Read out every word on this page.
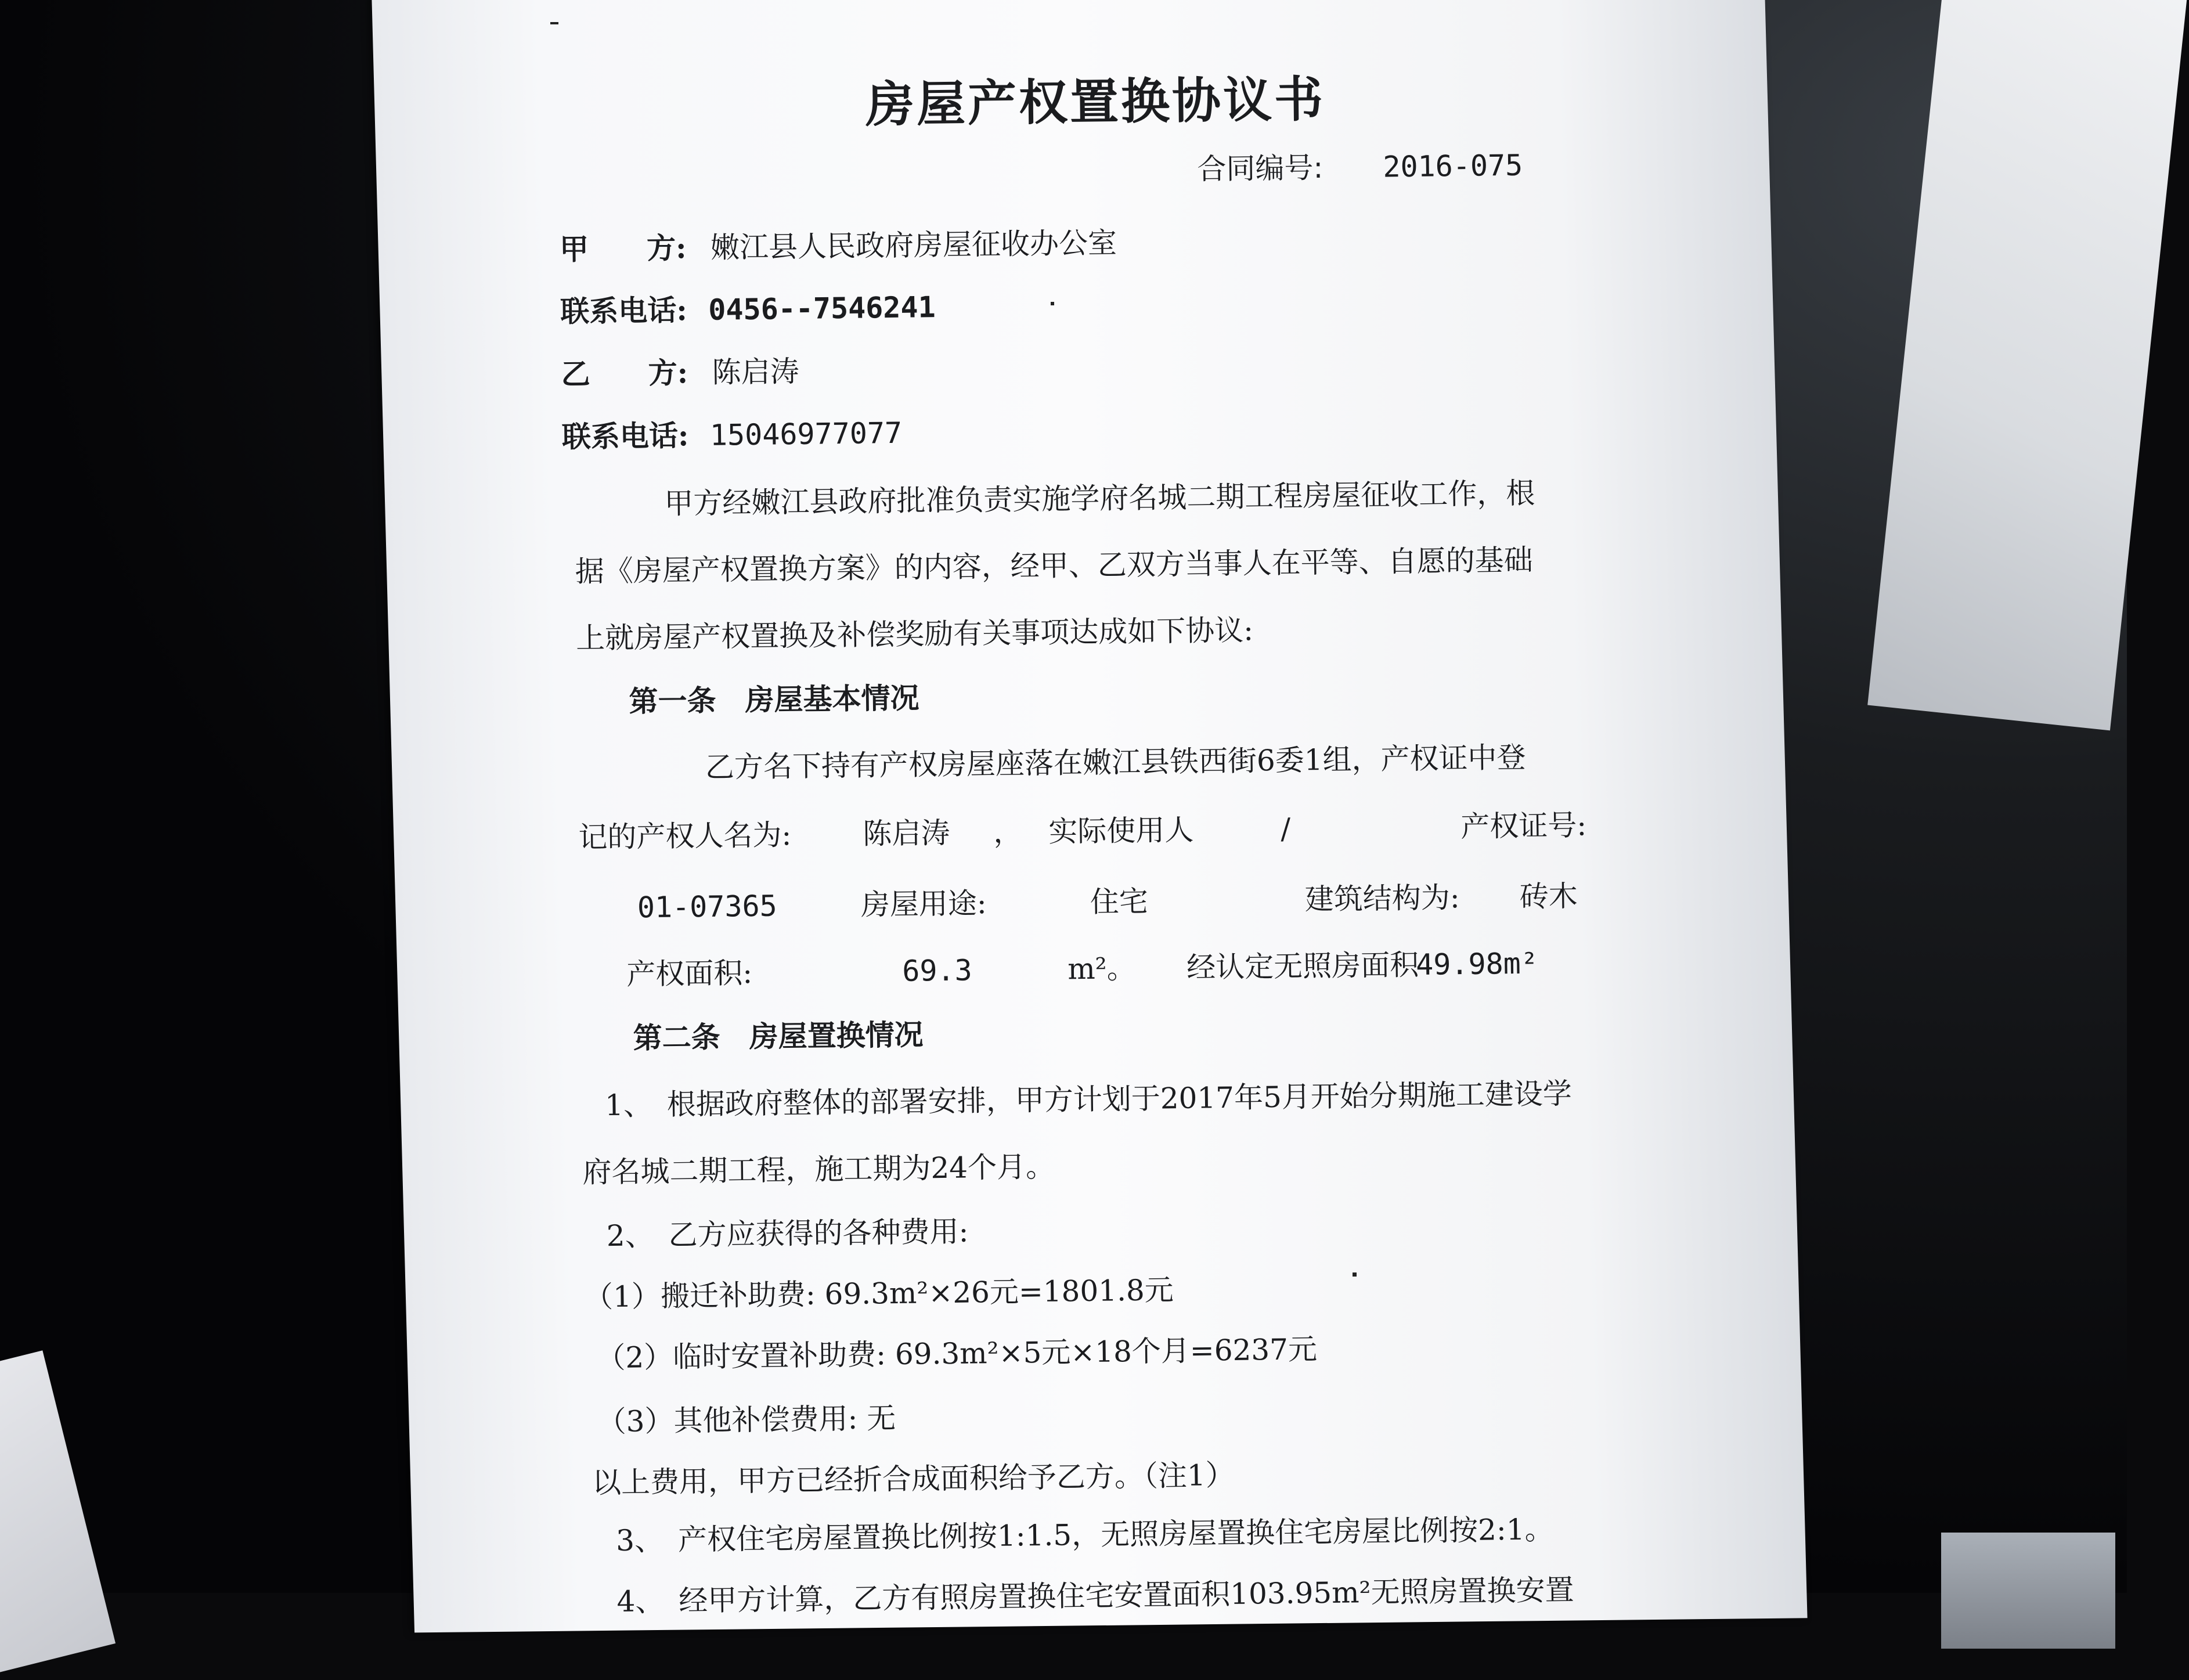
房屋产权置换协议书
合同编号: 2016-075
甲　　方: 嫩江县人民政府房屋征收办公室
联系电话: 0456--7546241
乙　　方: 陈启涛
联系电话: 15046977077
甲方经嫩江县政府批准负责实施学府名城二期工程房屋征收工作，根
据《房屋产权置换方案》的内容，经甲、乙双方当事人在平等、自愿的基础
上就房屋产权置换及补偿奖励有关事项达成如下协议:
第一条　房屋基本情况
乙方名下持有产权房屋座落在嫩江县铁西街6委1组，产权证中登
记的产权人名为: 陈启涛 ， 实际使用人	/	产权证号:
01-07365	房屋用途:	住宅	建筑结构为: 砖木
产权面积:	69.3	m²。 经认定无照房面积
49.98m²
第二条　房屋置换情况
1、　根据政府整体的部署安排，甲方计划于2017年5月开始分期施工建设学
府名城二期工程，施工期为24个月。
2、　乙方应获得的各种费用:
（1）搬迁补助费: 69.3m²×26元=1801.8元
（2）临时安置补助费: 69.3m²×5元×18个月=6237元
（3）其他补偿费用: 无
以上费用，甲方已经折合成面积给予乙方。（注1）
3、　产权住宅房屋置换比例按1:1.5，无照房屋置换住宅房屋比例按2:1。
4、　经甲方计算，乙方有照房置换住宅安置面积103.95m²无照房置换安置
